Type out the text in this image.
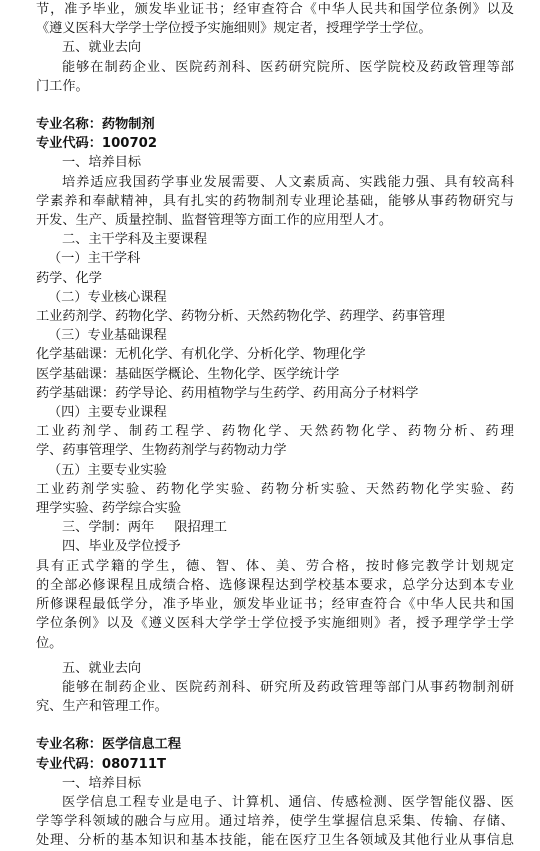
节，准予毕业，颁发毕业证书；经审查符合《中华人民共和国学位条例》以及
《遵义医科大学学士学位授予实施细则》规定者，授理学学士学位。
五、就业去向
能够在制药企业、医院药剂科、医药研究院所、医学院校及药政管理等部
门工作。
专业名称：药物制剂
专业代码：100702
一、培养目标
培养适应我国药学事业发展需要、人文素质高、实践能力强、具有较高科
学素养和奉献精神，具有扎实的药物制剂专业理论基础，能够从事药物研究与
开发、生产、质量控制、监督管理等方面工作的应用型人才。
二、主干学科及主要课程
（一）主干学科
药学、化学
（二）专业核心课程
工业药剂学、药物化学、药物分析、天然药物化学、药理学、药事管理
（三）专业基础课程
化学基础课：无机化学、有机化学、分析化学、物理化学
医学基础课：基础医学概论、生物化学、医学统计学
药学基础课：药学导论、药用植物学与生药学、药用高分子材料学
（四）主要专业课程
工业药剂学、制药工程学、药物化学、天然药物化学、药物分析、药理
学、药事管理学、生物药剂学与药物动力学
（五）主要专业实验
工业药剂学实验、药物化学实验、药物分析实验、天然药物化学实验、药
理学实验、药学综合实验
三、学制：两年 限招理工
四、毕业及学位授予
具有正式学籍的学生，德、智、体、美、劳合格，按时修完教学计划规定
的全部必修课程且成绩合格、选修课程达到学校基本要求，总学分达到本专业
所修课程最低学分，准予毕业，颁发毕业证书；经审查符合《中华人民共和国
学位条例》以及《遵义医科大学学士学位授予实施细则》者，授予理学学士学
位。
五、就业去向
能够在制药企业、医院药剂科、研究所及药政管理等部门从事药物制剂研
究、生产和管理工作。
专业名称：医学信息工程
专业代码：080711T
一、培养目标
医学信息工程专业是电子、计算机、通信、传感检测、医学智能仪器、医
学等学科领域的融合与应用。通过培养，使学生掌握信息采集、传输、存储、
处理、分析的基本知识和基本技能，能在医疗卫生各领域及其他行业从事信息
